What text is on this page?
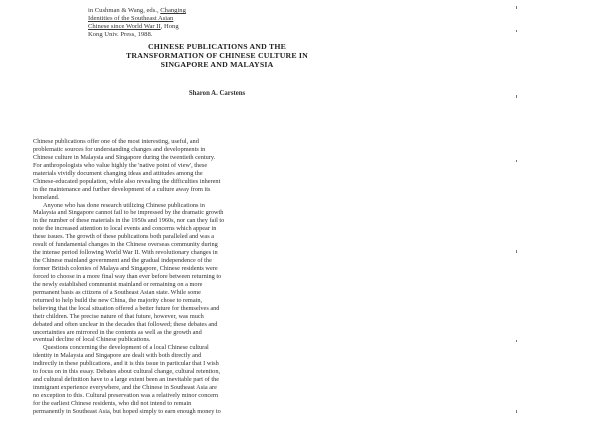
in Cushman & Wang, eds., Changing
Identities of the Southeast Asian
Chinese since World War II, Hong
Kong Univ. Press, 1988.
CHINESE PUBLICATIONS AND THE
TRANSFORMATION OF CHINESE CULTURE IN
SINGAPORE AND MALAYSIA
Sharon A. Carstens
Chinese publications offer one of the most interesting, useful, and
problematic sources for understanding changes and developments in
Chinese culture in Malaysia and Singapore during the twentieth century.
For anthropologists who value highly the 'native point of view', these
materials vividly document changing ideas and attitudes among the
Chinese-educated population, while also revealing the difficulties inherent
in the maintenance and further development of a culture away from its
homeland.
Anyone who has done research utilizing Chinese publications in
Malaysia and Singapore cannot fail to be impressed by the dramatic growth
in the number of these materials in the 1950s and 1960s, nor can they fail to
note the increased attention to local events and concerns which appear in
these issues. The growth of these publications both paralleled and was a
result of fundamental changes in the Chinese overseas community during
the intense period following World War II. With revolutionary changes in
the Chinese mainland government and the gradual independence of the
former British colonies of Malaya and Singapore, Chinese residents were
forced to choose in a more final way than ever before between returning to
the newly established communist mainland or remaining on a more
permanent basis as citizens of a Southeast Asian state. While some
returned to help build the new China, the majority chose to remain,
believing that the local situation offered a better future for themselves and
their children. The precise nature of that future, however, was much
debated and often unclear in the decades that followed; these debates and
uncertainties are mirrored in the contents as well as the growth and
eventual decline of local Chinese publications.
Questions concerning the development of a local Chinese cultural
identity in Malaysia and Singapore are dealt with both directly and
indirectly in these publications, and it is this issue in particular that I wish
to focus on in this essay. Debates about cultural change, cultural retention,
and cultural definition have to a large extent been an inevitable part of the
immigrant experience everywhere, and the Chinese in Southeast Asia are
no exception to this. Cultural preservation was a relatively minor concern
for the earliest Chinese residents, who did not intend to remain
permanently in Southeast Asia, but hoped simply to earn enough money to
